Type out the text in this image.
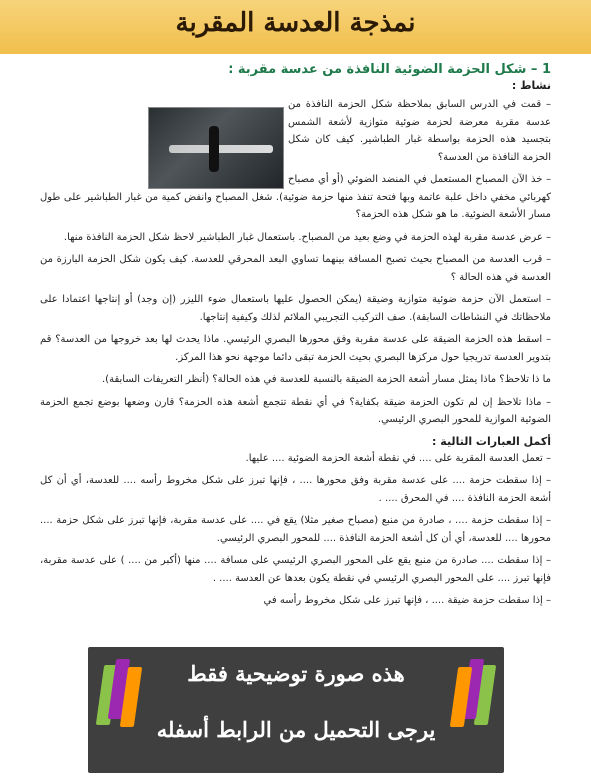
نمذجة العدسة المقربة
1 – شكل الحزمة الضوئية النافذة من عدسة مقربة :
نشاط :

– قمت في الدرس السابق بملاحظة شكل الحزمة النافذة من عدسة مقربة معرضة لحزمة ضوئية متوازية لأشعة الشمس بتجسيد هذه الحزمة بواسطة غبار الطباشير. كيف كان شكل الحزمة النافذة من العدسة؟

– خذ الآن المصباح المستعمل في المنضد الضوئي (أو أي مصباح كهربائي مخفي داخل علبة عاتمة وبها فتحة تنفذ منها حزمة ضوئية). شغل المصباح وانفض كمية من غبار الطباشير على طول مسار الأشعة الضوئية. ما هو شكل هذه الحزمة؟

– عرض عدسة مقربة لهذه الحزمة في وضع بعيد من المصباح. باستعمال غبار الطباشير لاحظ شكل الحزمة النافذة منها.

– قرب العدسة من المصباح بحيث تصبح المسافة بينهما تساوي البعد المحرقي للعدسة. كيف يكون شكل الحزمة البارزة من العدسة في هذه الحالة ؟

– استعمل الآن حزمة ضوئية متوازية وضيقة (يمكن الحصول عليها باستعمال ضوء الليزر (إن وجد) أو إنتاجها اعتمادا على ملاحظاتك في النشاطات السابقة). صف التركيب التجريبي الملائم لذلك وكيفية إنتاجها.

– اسقط هذه الحزمة الضيقة على عدسة مقربة وفق محورها البصري الرئيسي. ماذا يحدث لها بعد خروجها من العدسة؟ قم بتدوير العدسة تدريجيا حول مركزها البصري بحيث الحزمة تبقى دائما موجهة نحو هذا المركز.

ما ذا تلاحظ؟ ماذا يمثل مسار أشعة الحزمة الضيقة بالنسبة للعدسة في هذه الحالة؟ (أنظر التعريفات السابقة).

– ماذا تلاحظ إن لم تكون الحزمة ضيقة بكفاية؟ في أي نقطة تتجمع أشعة هذه الحزمة؟ قارن وضعها بوضع تجمع الحزمة الضوئية الموازية للمحور البصري الرئيسي.

أكمل العبارات التالية :

– تعمل العدسة المقربة على .... في نقطة أشعة الحزمة الضوئية .... عليها.

– إذا سقطت حزمة .... على عدسة مقربة وفق محورها .... ، فإنها تبرز على شكل مخروط رأسه .... للعدسة، أي أن كل أشعة الحزمة النافذة .... في المحرق .... .

– إذا سقطت حزمة .... ، صادرة من منبع (مصباح صغير مثلا) يقع في .... على عدسة مقربة، فإنها تبرز على شكل حزمة .... محورها .... للعدسة، أي أن كل أشعة الحزمة النافذة .... للمحور البصري الرئيسي.

– إذا سقطت .... صادرة من منبع يقع على المحور البصري الرئيسي على مسافة .... منها (أكبر من .... ) على عدسة مقربة، فإنها تبرز .... على المحور البصري الرئيسي في نقطة يكون بعدها عن العدسة .... .

– إذا سقطت حزمة ضيقة .... ، فإنها تبرز على شكل مخروط رأسه في

هذه صورة توضيحية فقط
يرجى التحميل من الرابط أسفله
